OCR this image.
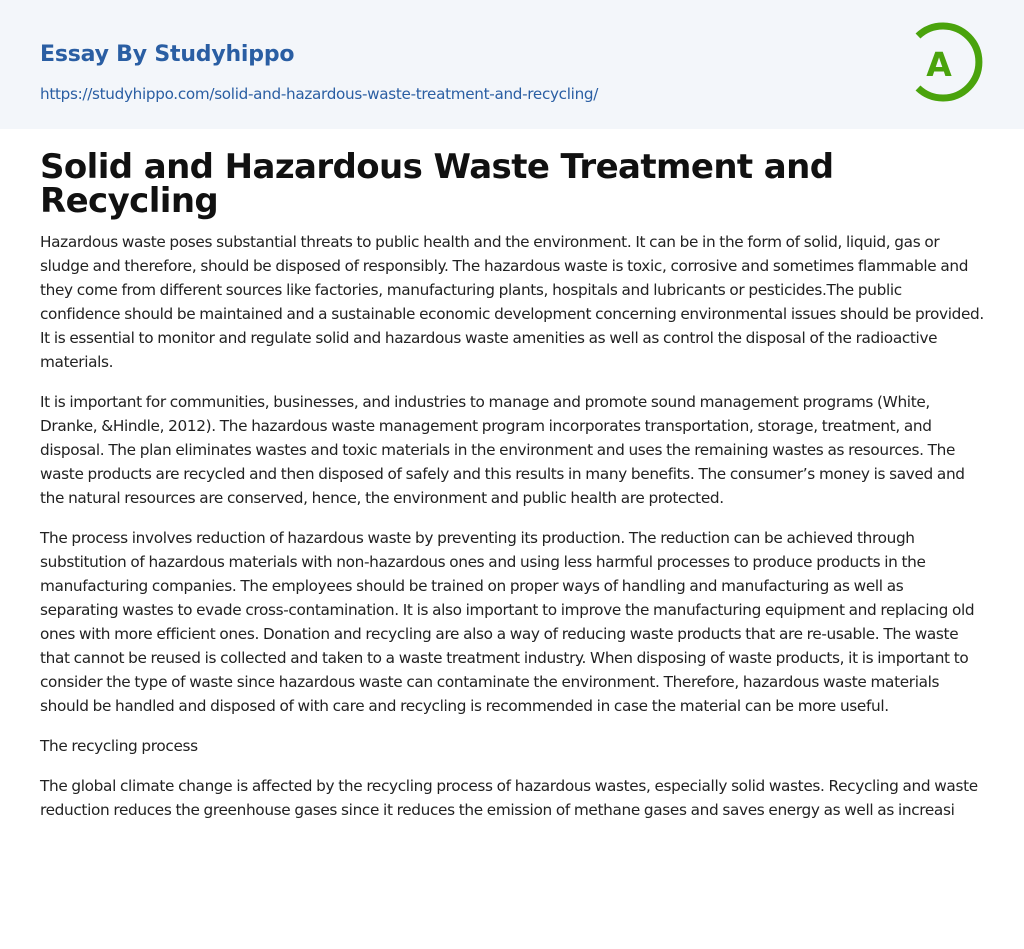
Essay By Studyhippo
https://studyhippo.com/solid-and-hazardous-waste-treatment-and-recycling/
A
Solid and Hazardous Waste Treatment and Recycling

Hazardous waste poses substantial threats to public health and the environment. It can be in the form of solid, liquid, gas or sludge and therefore, should be disposed of responsibly. The hazardous waste is toxic, corrosive and sometimes flammable and they come from different sources like factories, manufacturing plants, hospitals and lubricants or pesticides.The public confidence should be maintained and a sustainable economic development concerning environmental issues should be provided. It is essential to monitor and regulate solid and hazardous waste amenities as well as control the disposal of the radioactive materials.

It is important for communities, businesses, and industries to manage and promote sound management programs (White, Dranke, &Hindle, 2012). The hazardous waste management program incorporates transportation, storage, treatment, and disposal. The plan eliminates wastes and toxic materials in the environment and uses the remaining wastes as resources. The waste products are recycled and then disposed of safely and this results in many benefits. The consumer’s money is saved and the natural resources are conserved, hence, the environment and public health are protected.

The process involves reduction of hazardous waste by preventing its production. The reduction can be achieved through substitution of hazardous materials with non-hazardous ones and using less harmful processes to produce products in the manufacturing companies. The employees should be trained on proper ways of handling and manufacturing as well as separating wastes to evade cross-contamination. It is also important to improve the manufacturing equipment and replacing old ones with more efficient ones. Donation and recycling are also a way of reducing waste products that are re-usable. The waste that cannot be reused is collected and taken to a waste treatment industry. When disposing of waste products, it is important to consider the type of waste since hazardous waste can contaminate the environment. Therefore, hazardous waste materials should be handled and disposed of with care and recycling is recommended in case the material can be more useful.

The recycling process

The global climate change is affected by the recycling process of hazardous wastes, especially solid wastes. Recycling and waste reduction reduces the greenhouse gases since it reduces the emission of methane gases and saves energy as well as increasi
